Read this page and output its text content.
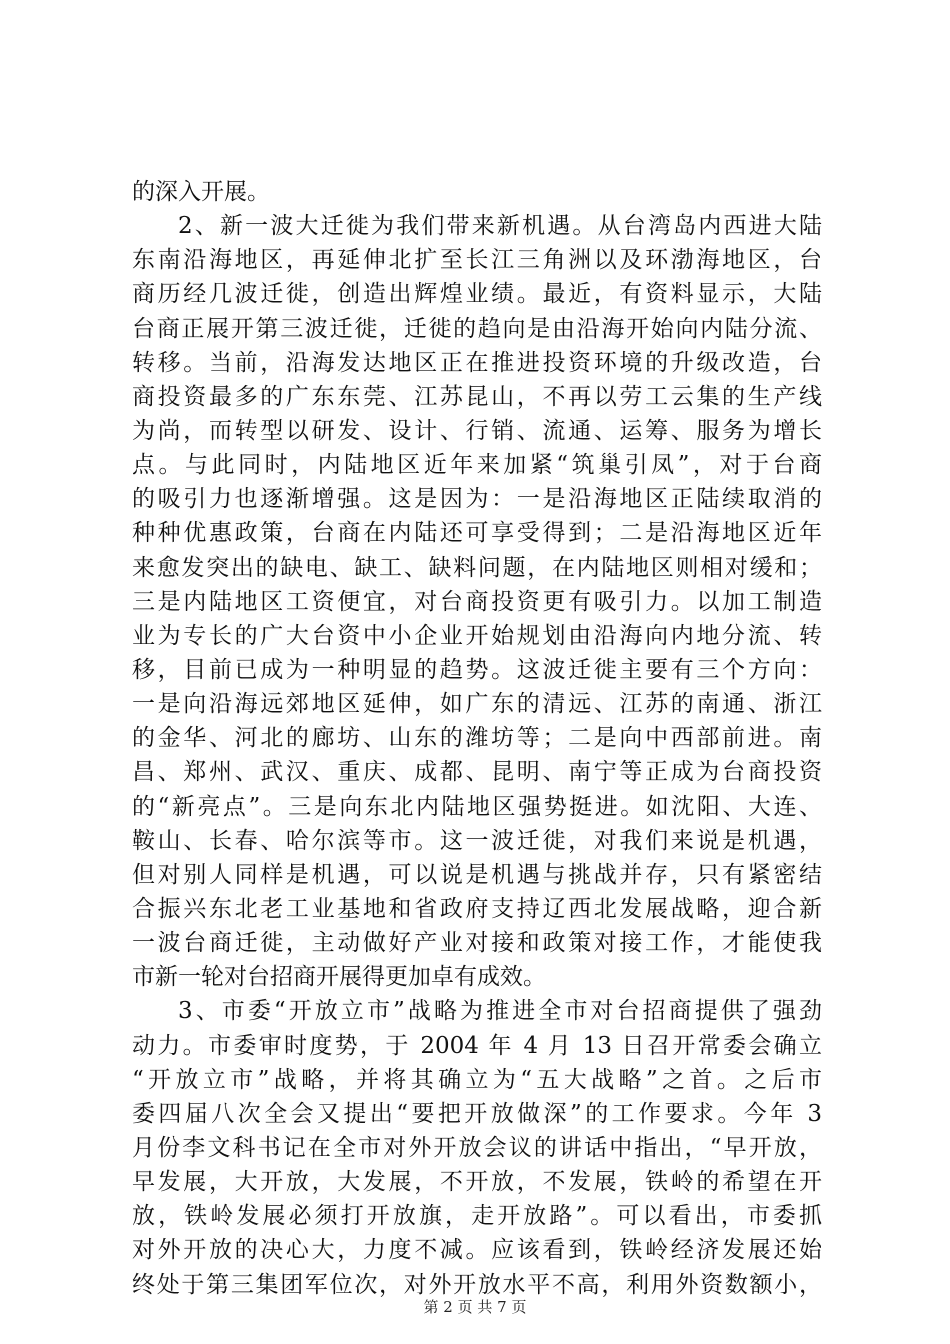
的深入开展。
2、新一波大迁徙为我们带来新机遇。从台湾岛内西进大陆
东南沿海地区，再延伸北扩至长江三角洲以及环渤海地区，台
商历经几波迁徙，创造出辉煌业绩。最近，有资料显示，大陆
台商正展开第三波迁徙，迁徙的趋向是由沿海开始向内陆分流、
转移。当前，沿海发达地区正在推进投资环境的升级改造，台
商投资最多的广东东莞、江苏昆山，不再以劳工云集的生产线
为尚，而转型以研发、设计、行销、流通、运筹、服务为增长
点。与此同时，内陆地区近年来加紧“筑巢引凤”，对于台商
的吸引力也逐渐增强。这是因为：一是沿海地区正陆续取消的
种种优惠政策，台商在内陆还可享受得到；二是沿海地区近年
来愈发突出的缺电、缺工、缺料问题，在内陆地区则相对缓和；
三是内陆地区工资便宜，对台商投资更有吸引力。以加工制造
业为专长的广大台资中小企业开始规划由沿海向内地分流、转
移，目前已成为一种明显的趋势。这波迁徙主要有三个方向：
一是向沿海远郊地区延伸，如广东的清远、江苏的南通、浙江
的金华、河北的廊坊、山东的潍坊等；二是向中西部前进。南
昌、郑州、武汉、重庆、成都、昆明、南宁等正成为台商投资
的“新亮点”。三是向东北内陆地区强势挺进。如沈阳、大连、
鞍山、长春、哈尔滨等市。这一波迁徙，对我们来说是机遇，
但对别人同样是机遇，可以说是机遇与挑战并存，只有紧密结
合振兴东北老工业基地和省政府支持辽西北发展战略，迎合新
一波台商迁徙，主动做好产业对接和政策对接工作，才能使我
市新一轮对台招商开展得更加卓有成效。
3、市委“开放立市”战略为推进全市对台招商提供了强劲
动力。市委审时度势，于 2004 年 4 月 13 日召开常委会确立
“开放立市”战略，并将其确立为“五大战略”之首。之后市
委四届八次全会又提出“要把开放做深”的工作要求。今年 3
月份李文科书记在全市对外开放会议的讲话中指出，“早开放，
早发展，大开放，大发展，不开放，不发展，铁岭的希望在开
放，铁岭发展必须打开放旗，走开放路”。可以看出，市委抓
对外开放的决心大，力度不减。应该看到，铁岭经济发展还始
终处于第三集团军位次，对外开放水平不高，利用外资数额小，
第 2 页 共 7 页
